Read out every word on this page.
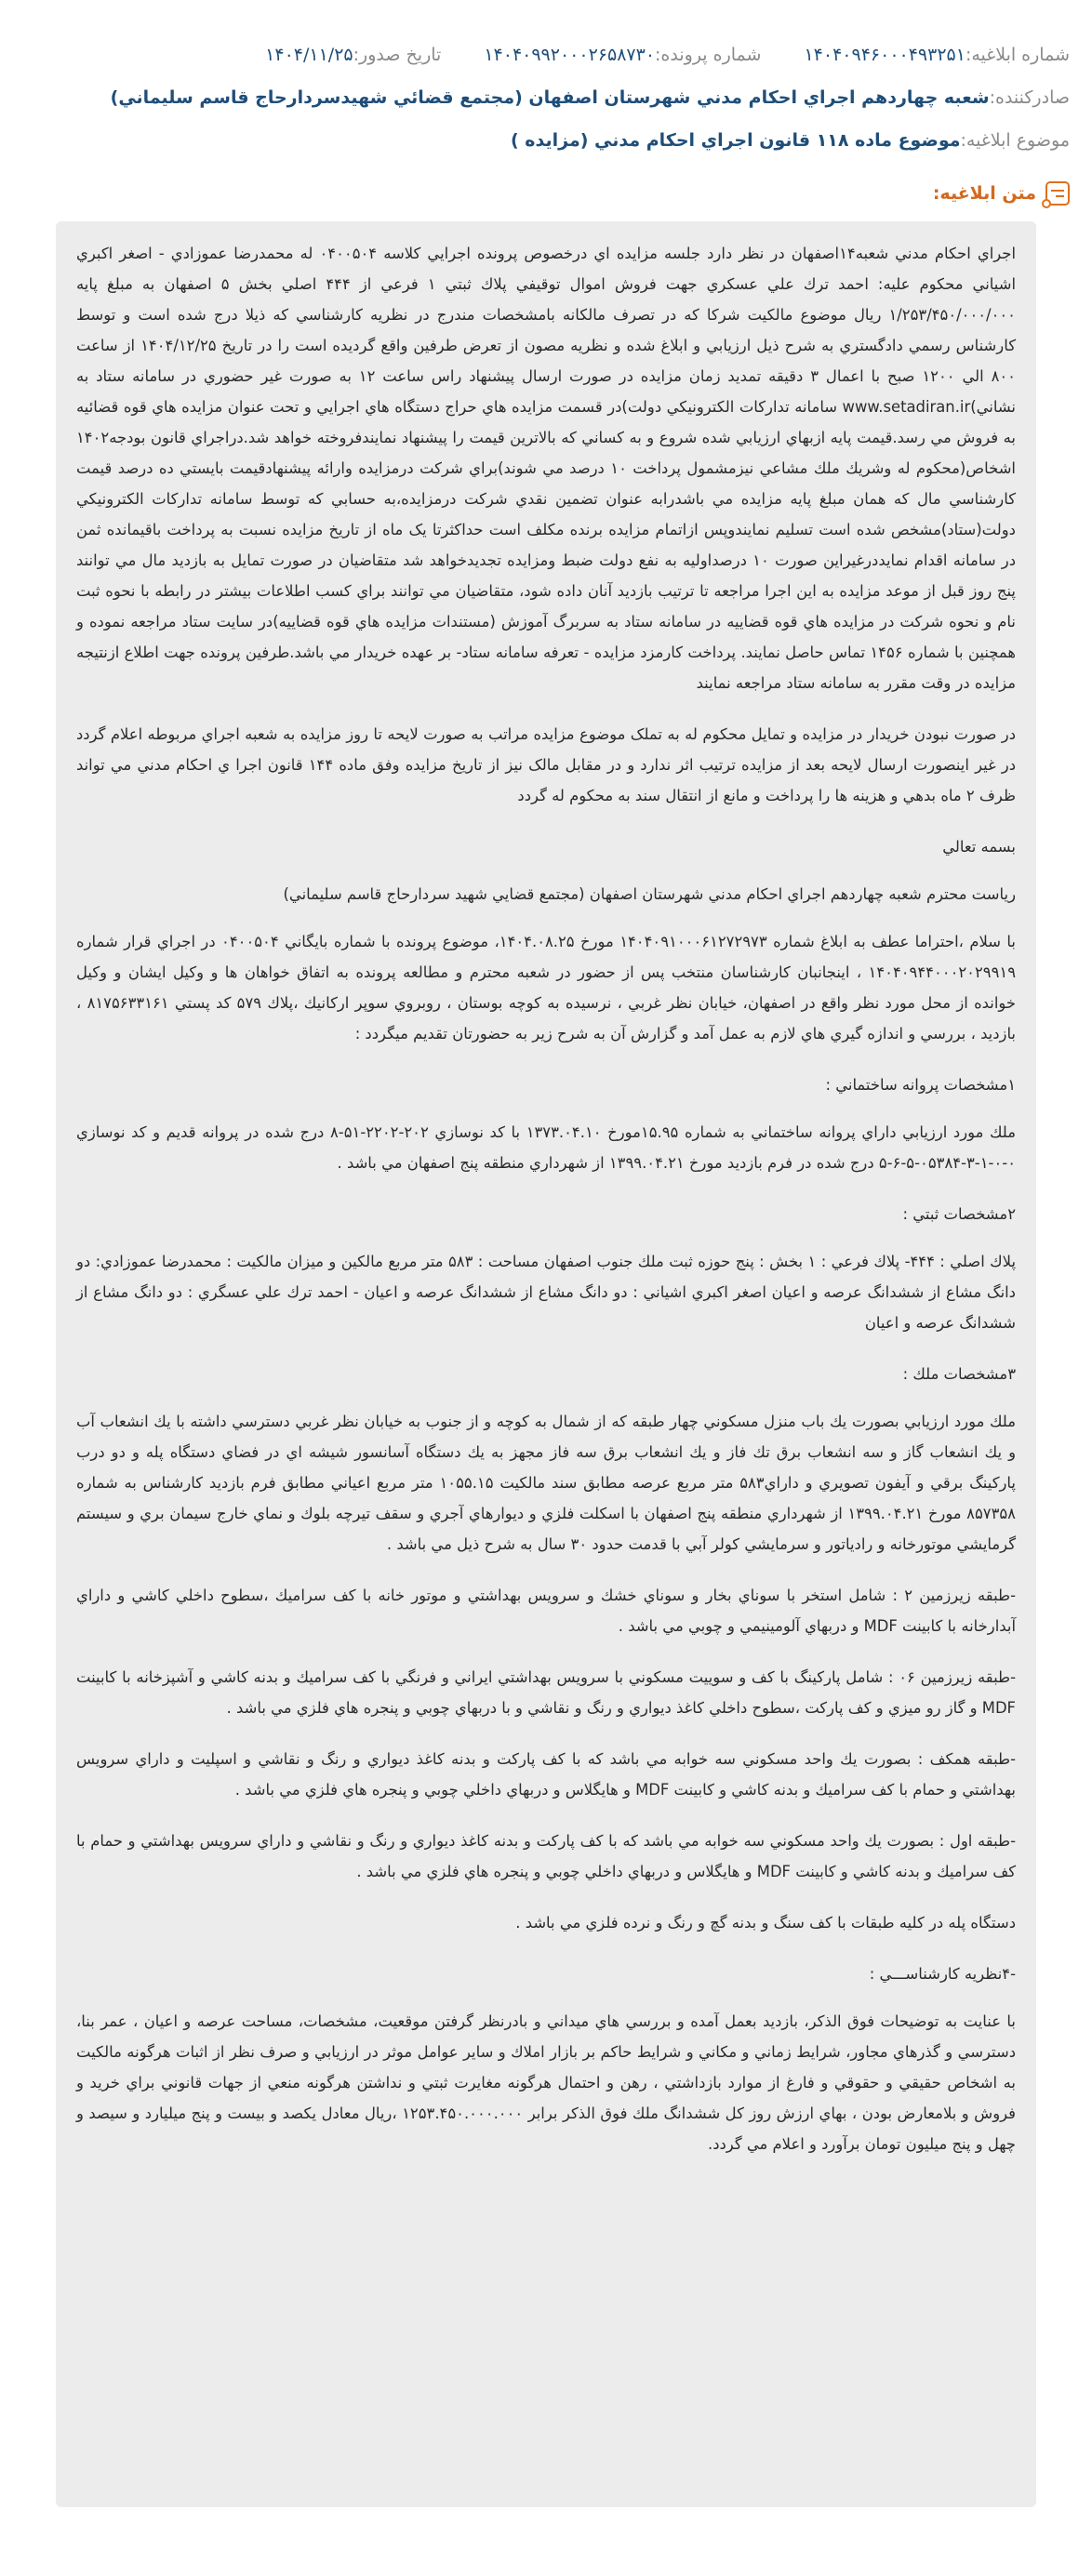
شماره ابلاغيه:
۱۴۰۴۰۹۴۶۰۰۰۴۹۳۲۵۱
شماره پرونده:
۱۴۰۴۰۹۹۲۰۰۰۲۶۵۸۷۳۰
تاريخ صدور:
۱۴۰۴/۱۱/۲۵
صادرکننده:
شعبه چهاردهم اجراي احكام مدني شهرستان اصفهان (مجتمع قضائي شهيدسردارحاج قاسم سليماني)
موضوع ابلاغيه:
موضوع ماده ۱۱۸ قانون اجراي احكام مدني (مزايده )
متن ابلاغيه:

اجراي احكام مدني شعبه۱۴اصفهان در نظر دارد جلسه مزايده اي درخصوص پرونده اجرايي كلاسه ۰۴۰۰۵۰۴ له محمدرضا عموزادي - اصغر اكبري اشياني محكوم عليه: احمد ترك علي عسكري جهت فروش اموال توقيفي پلاك ثبتي ۱ فرعي از ۴۴۴ اصلي بخش ۵ اصفهان به مبلغ پايه ۱/۲۵۳/۴۵۰/۰۰۰/۰۰۰ ريال موضوع مالكيت شركا كه در تصرف مالكانه بامشخصات مندرج در نظريه كارشناسي كه ذيلا درج شده است و توسط كارشناس رسمي دادگستري به شرح ذيل ارزيابي و ابلاغ شده و نظريه مصون از تعرض طرفين واقع گرديده است را در تاريخ ۱۴۰۴/۱۲/۲۵ از ساعت ۸۰۰ الي ۱۲۰۰ صبح با اعمال ۳ دقيقه تمديد زمان مزايده در صورت ارسال پيشنهاد راس ساعت ۱۲ به صورت غير حضوري در سامانه ستاد به نشاني)www.setadiran.ir سامانه تداركات الكترونيكي دولت)در قسمت مزايده هاي حراج دستگاه هاي اجرايي و تحت عنوان مزايده هاي قوه قضائيه به فروش مي رسد.قيمت پايه ازبهاي ارزيابي شده شروع و به كساني كه بالاترين قيمت را پيشنهاد نمايندفروخته خواهد شد.دراجراي قانون بودجه۱۴۰۲ اشخاص(محكوم له وشريك ملك مشاعي نيزمشمول پرداخت ۱۰ درصد مي شوند)براي شركت درمزايده وارائه پيشنهادقيمت بايستي ده درصد قيمت كارشناسي مال كه همان مبلغ پايه مزايده مي باشدرابه عنوان تضمين نقدي شركت درمزايده،به حسابي كه توسط سامانه تداركات الكترونيكي دولت(ستاد)مشخص شده است تسليم نمايندوپس ازاتمام مزايده برنده مكلف است حداكثرتا يک ماه از تاريخ مزايده نسبت به پرداخت باقيمانده ثمن در سامانه اقدام نمايددرغيراين صورت ۱۰ درصداوليه به نفع دولت ضبط ومزايده تجديدخواهد شد متقاضيان در صورت تمايل به بازديد مال مي توانند پنج روز قبل از موعد مزايده به اين اجرا مراجعه تا ترتيب بازديد آنان داده شود، متقاضيان مي توانند براي كسب اطلاعات بيشتر در رابطه با نحوه ثبت نام و نحوه شركت در مزايده هاي قوه قضاييه در سامانه ستاد به سربرگ آموزش (مستندات مزايده هاي قوه قضاييه)در سايت ستاد مراجعه نموده و همچنين با شماره ۱۴۵۶ تماس حاصل نمايند. پرداخت كارمزد مزايده - تعرفه سامانه ستاد- بر عهده خريدار مي باشد.طرفين پرونده جهت اطلاع ازنتيجه مزايده در وقت مقرر به سامانه ستاد مراجعه نمايند

در صورت نبودن خريدار در مزايده و تمايل محكوم له به تملک موضوع مزايده مراتب به صورت لايحه تا روز مزايده به شعبه اجراي مربوطه اعلام گردد در غير اينصورت ارسال لايحه بعد از مزايده ترتيب اثر ندارد و در مقابل مالک نيز از تاريخ مزايده وفق ماده ۱۴۴ قانون اجرا ي احكام مدني مي تواند ظرف ۲ ماه بدهي و هزينه ها را پرداخت و مانع از انتقال سند به محكوم له گردد

بسمه تعالي

رياست محترم شعبه چهاردهم اجراي احكام مدني شهرستان اصفهان (مجتمع قضايي شهيد سردارحاج قاسم سليماني)

با سلام ،احتراما عطف به ابلاغ شماره ۱۴۰۴۰۹۱۰۰۰۶۱۲۷۲۹۷۳ مورخ ۱۴۰۴.۰۸.۲۵، موضوع پرونده با شماره بايگاني ۰۴۰۰۵۰۴ در اجراي قرار شماره ۱۴۰۴۰۹۴۴۰۰۰۲۰۲۹۹۱۹ ، اينجانبان كارشناسان منتخب پس از حضور در شعبه محترم و مطالعه پرونده به اتفاق خواهان ها و وكيل ايشان و وكيل خوانده از محل مورد نظر واقع در اصفهان، خيابان نظر غربي ، نرسيده به كوچه بوستان ، روبروي سوپر اركانيك ،پلاك ۵۷۹ كد پستي ۸۱۷۵۶۳۳۱۶۱ ، بازديد ، بررسي و اندازه گيري هاي لازم به عمل آمد و گزارش آن به شرح زير به حضورتان تقديم ميگردد :

۱مشخصات پروانه ساختماني :

ملك مورد ارزيابي داراي پروانه ساختماني به شماره ۱۵.۹۵مورخ ۱۳۷۳.۰۴.۱۰ با كد نوسازي ۲۰۲-۲۲۰۲-۵۱-۸ درج شده در پروانه قديم و كد نوسازي ۰-۰-۱-۳-۰۵۳۸۴-۵-۶-۵ درج شده در فرم بازديد مورخ ۱۳۹۹.۰۴.۲۱ از شهرداري منطقه پنج اصفهان مي باشد .

۲مشخصات ثبتي :

پلاك اصلي : ۴۴۴- پلاك فرعي : ۱ بخش : پنج حوزه ثبت ملك جنوب اصفهان مساحت : ۵۸۳ متر مربع مالكين و ميزان مالكيت : محمدرضا عموزادي: دو دانگ مشاع از ششدانگ عرصه و اعيان اصغر اكبري اشياني : دو دانگ مشاع از ششدانگ عرصه و اعيان - احمد ترك علي عسگري : دو دانگ مشاع از ششدانگ عرصه و اعيان

۳مشخصات ملك :

ملك مورد ارزيابي بصورت يك باب منزل مسكوني چهار طبقه كه از شمال به كوچه و از جنوب به خيابان نظر غربي دسترسي داشته با يك انشعاب آب و يك انشعاب گاز و سه انشعاب برق تك فاز و يك انشعاب برق سه فاز مجهز به يك دستگاه آسانسور شيشه اي در فضاي دستگاه پله و دو درب پاركينگ برقي و آيفون تصويري و داراي۵۸۳ متر مربع عرصه مطابق سند مالكيت ۱۰۵۵.۱۵ متر مربع اعياني مطابق فرم بازديد كارشناس به شماره ۸۵۷۳۵۸ مورخ ۱۳۹۹.۰۴.۲۱ از شهرداري منطقه پنج اصفهان با اسكلت فلزي و ديوارهاي آجري و سقف تيرچه بلوك و نماي خارج سيمان بري و سيستم گرمايشي موتورخانه و رادياتور و سرمايشي كولر آبي با قدمت حدود ۳۰ سال به شرح ذيل مي باشد .

-طبقه زيرزمين ۲ : شامل استخر با سوناي بخار و سوناي خشك و سرويس بهداشتي و موتور خانه با كف سراميك ،سطوح داخلي كاشي و داراي آبدارخانه با كابينت MDF و دربهاي آلومينيمي و چوبي مي باشد .

-طبقه زيرزمين ۰۶ : شامل پاركينگ با كف و سوييت مسكوني با سرويس بهداشتي ايراني و فرنگي با كف سراميك و بدنه كاشي و آشپزخانه با كابينت MDF و گاز رو ميزي و كف پاركت ،سطوح داخلي كاغذ ديواري و رنگ و نقاشي و با دربهاي چوبي و پنجره هاي فلزي مي باشد .

-طبقه همكف : بصورت يك واحد مسكوني سه خوابه مي باشد كه با كف پاركت و بدنه كاغذ ديواري و رنگ و نقاشي و اسپليت و داراي سرويس بهداشتي و حمام با كف سراميك و بدنه كاشي و كابينت MDF و هايگلاس و دربهاي داخلي چوبي و پنجره هاي فلزي مي باشد .

-طبقه اول : بصورت يك واحد مسكوني سه خوابه مي باشد كه با كف پاركت و بدنه كاغذ ديواري و رنگ و نقاشي و داراي سرويس بهداشتي و حمام با كف سراميك و بدنه كاشي و كابينت MDF و هايگلاس و دربهاي داخلي چوبي و پنجره هاي فلزي مي باشد .

دستگاه پله در كليه طبقات با كف سنگ و بدنه گچ و رنگ و نرده فلزي مي باشد .

-۴نظريه كارشناســـي :

با عنايت به توضيحات فوق الذكر، بازديد بعمل آمده و بررسي هاي ميداني و بادرنظر گرفتن موقعيت، مشخصات، مساحت عرصه و اعيان ، عمر بنا، دسترسي و گذرهاي مجاور، شرايط زماني و مكاني و شرايط حاكم بر بازار املاك و ساير عوامل موثر در ارزيابي و صرف نظر از اثبات هرگونه مالكيت به اشخاص حقيقي و حقوقي و فارغ از موارد بازداشتي ، رهن و احتمال هرگونه مغايرت ثبتي و نداشتن هرگونه منعي از جهات قانوني براي خريد و فروش و بلامعارض بودن ، بهاي ارزش روز كل ششدانگ ملك فوق الذكر برابر ۱۲۵۳.۴۵۰.۰۰۰.۰۰۰ ،ريال معادل يكصد و بيست و پنج ميليارد و سيصد و چهل و پنج ميليون تومان برآورد و اعلام مي گردد.
